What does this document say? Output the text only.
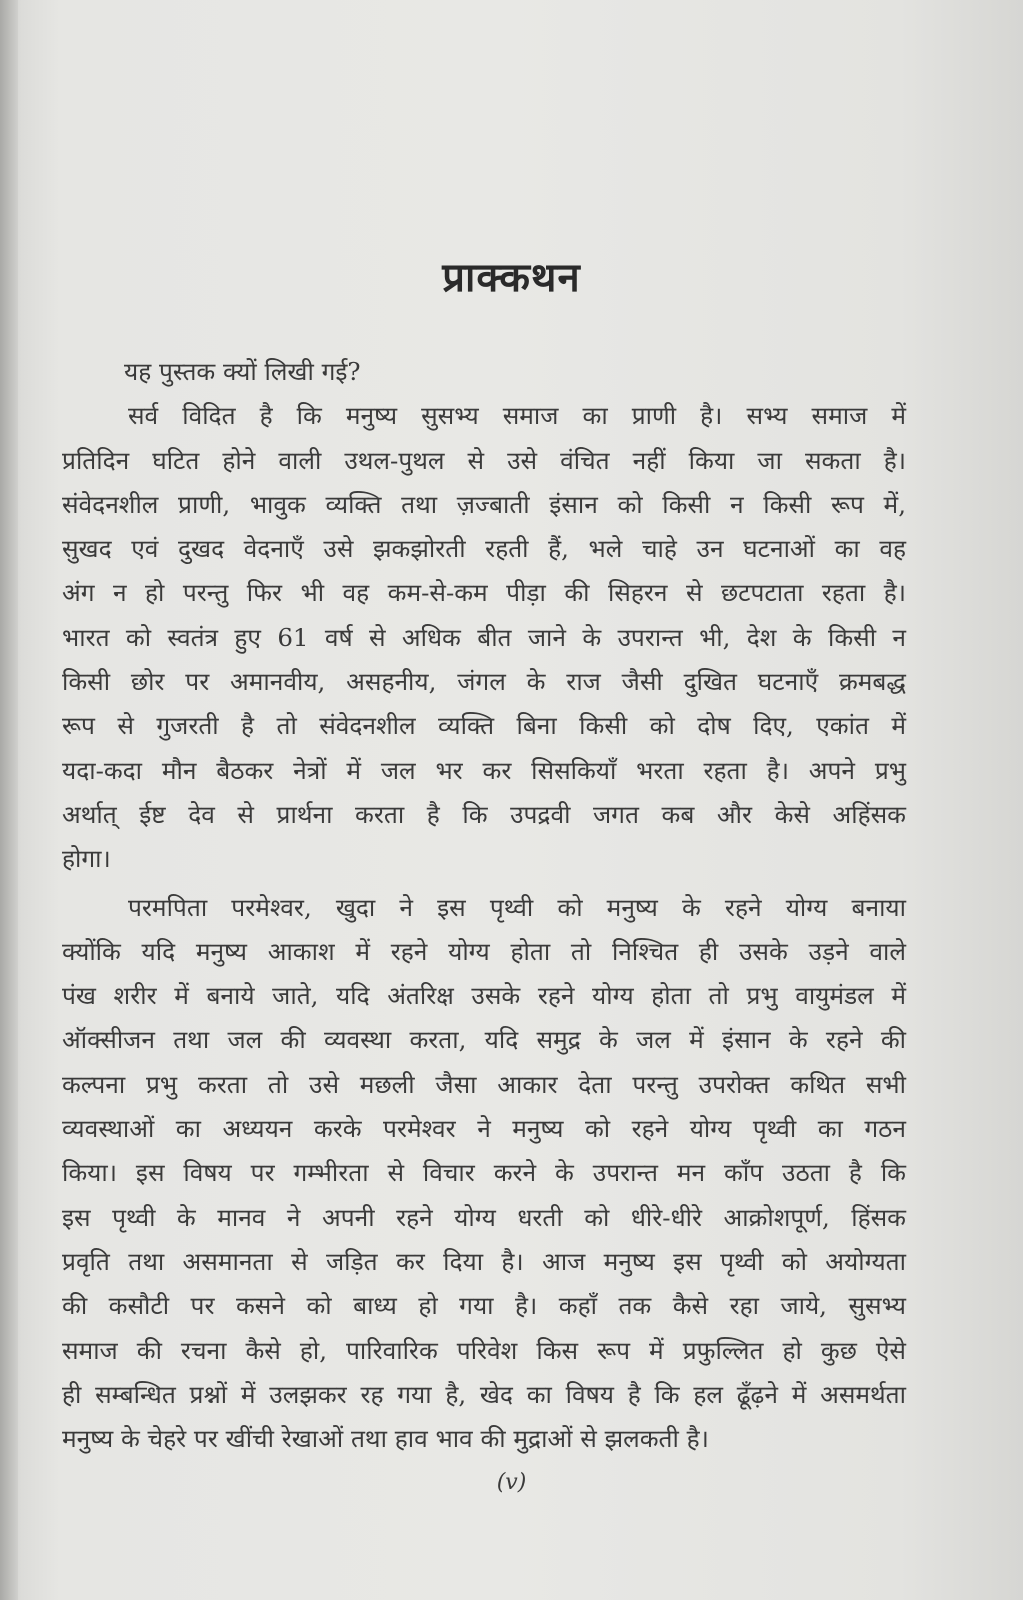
प्राक्कथन
यह पुस्तक क्यों लिखी गई?
सर्व विदित है कि मनुष्य सुसभ्य समाज का प्राणी है। सभ्य समाज में
प्रतिदिन घटित होने वाली उथल-पुथल से उसे वंचित नहीं किया जा सकता है।
संवेदनशील प्राणी, भावुक व्यक्ति तथा ज़ज्बाती इंसान को किसी न किसी रूप में,
सुखद एवं दुखद वेदनाएँ उसे झकझोरती रहती हैं, भले चाहे उन घटनाओं का वह
अंग न हो परन्तु फिर भी वह कम-से-कम पीड़ा की सिहरन से छटपटाता रहता है।
भारत को स्वतंत्र हुए 61 वर्ष से अधिक बीत जाने के उपरान्त भी, देश के किसी न
किसी छोर पर अमानवीय, असहनीय, जंगल के राज जैसी दुखित घटनाएँ क्रमबद्ध
रूप से गुजरती है तो संवेदनशील व्यक्ति बिना किसी को दोष दिए, एकांत में
यदा-कदा मौन बैठकर नेत्रों में जल भर कर सिसकियाँ भरता रहता है। अपने प्रभु
अर्थात् ईष्ट देव से प्रार्थना करता है कि उपद्रवी जगत कब और केसे अहिंसक
होगा।
परमपिता परमेश्वर, खुदा ने इस पृथ्वी को मनुष्य के रहने योग्य बनाया
क्योंकि यदि मनुष्य आकाश में रहने योग्य होता तो निश्चित ही उसके उड़ने वाले
पंख शरीर में बनाये जाते, यदि अंतरिक्ष उसके रहने योग्य होता तो प्रभु वायुमंडल में
ऑक्सीजन तथा जल की व्यवस्था करता, यदि समुद्र के जल में इंसान के रहने की
कल्पना प्रभु करता तो उसे मछली जैसा आकार देता परन्तु उपरोक्त कथित सभी
व्यवस्थाओं का अध्ययन करके परमेश्वर ने मनुष्य को रहने योग्य पृथ्वी का गठन
किया। इस विषय पर गम्भीरता से विचार करने के उपरान्त मन काँप उठता है कि
इस पृथ्वी के मानव ने अपनी रहने योग्य धरती को धीरे-धीरे आक्रोशपूर्ण, हिंसक
प्रवृति तथा असमानता से जड़ित कर दिया है। आज मनुष्य इस पृथ्वी को अयोग्यता
की कसौटी पर कसने को बाध्य हो गया है। कहाँ तक कैसे रहा जाये, सुसभ्य
समाज की रचना कैसे हो, पारिवारिक परिवेश किस रूप में प्रफुल्लित हो कुछ ऐसे
ही सम्बन्धित प्रश्नों में उलझकर रह गया है, खेद का विषय है कि हल ढूँढ़ने में असमर्थता
मनुष्य के चेहरे पर खींची रेखाओं तथा हाव भाव की मुद्राओं से झलकती है।
(v)
